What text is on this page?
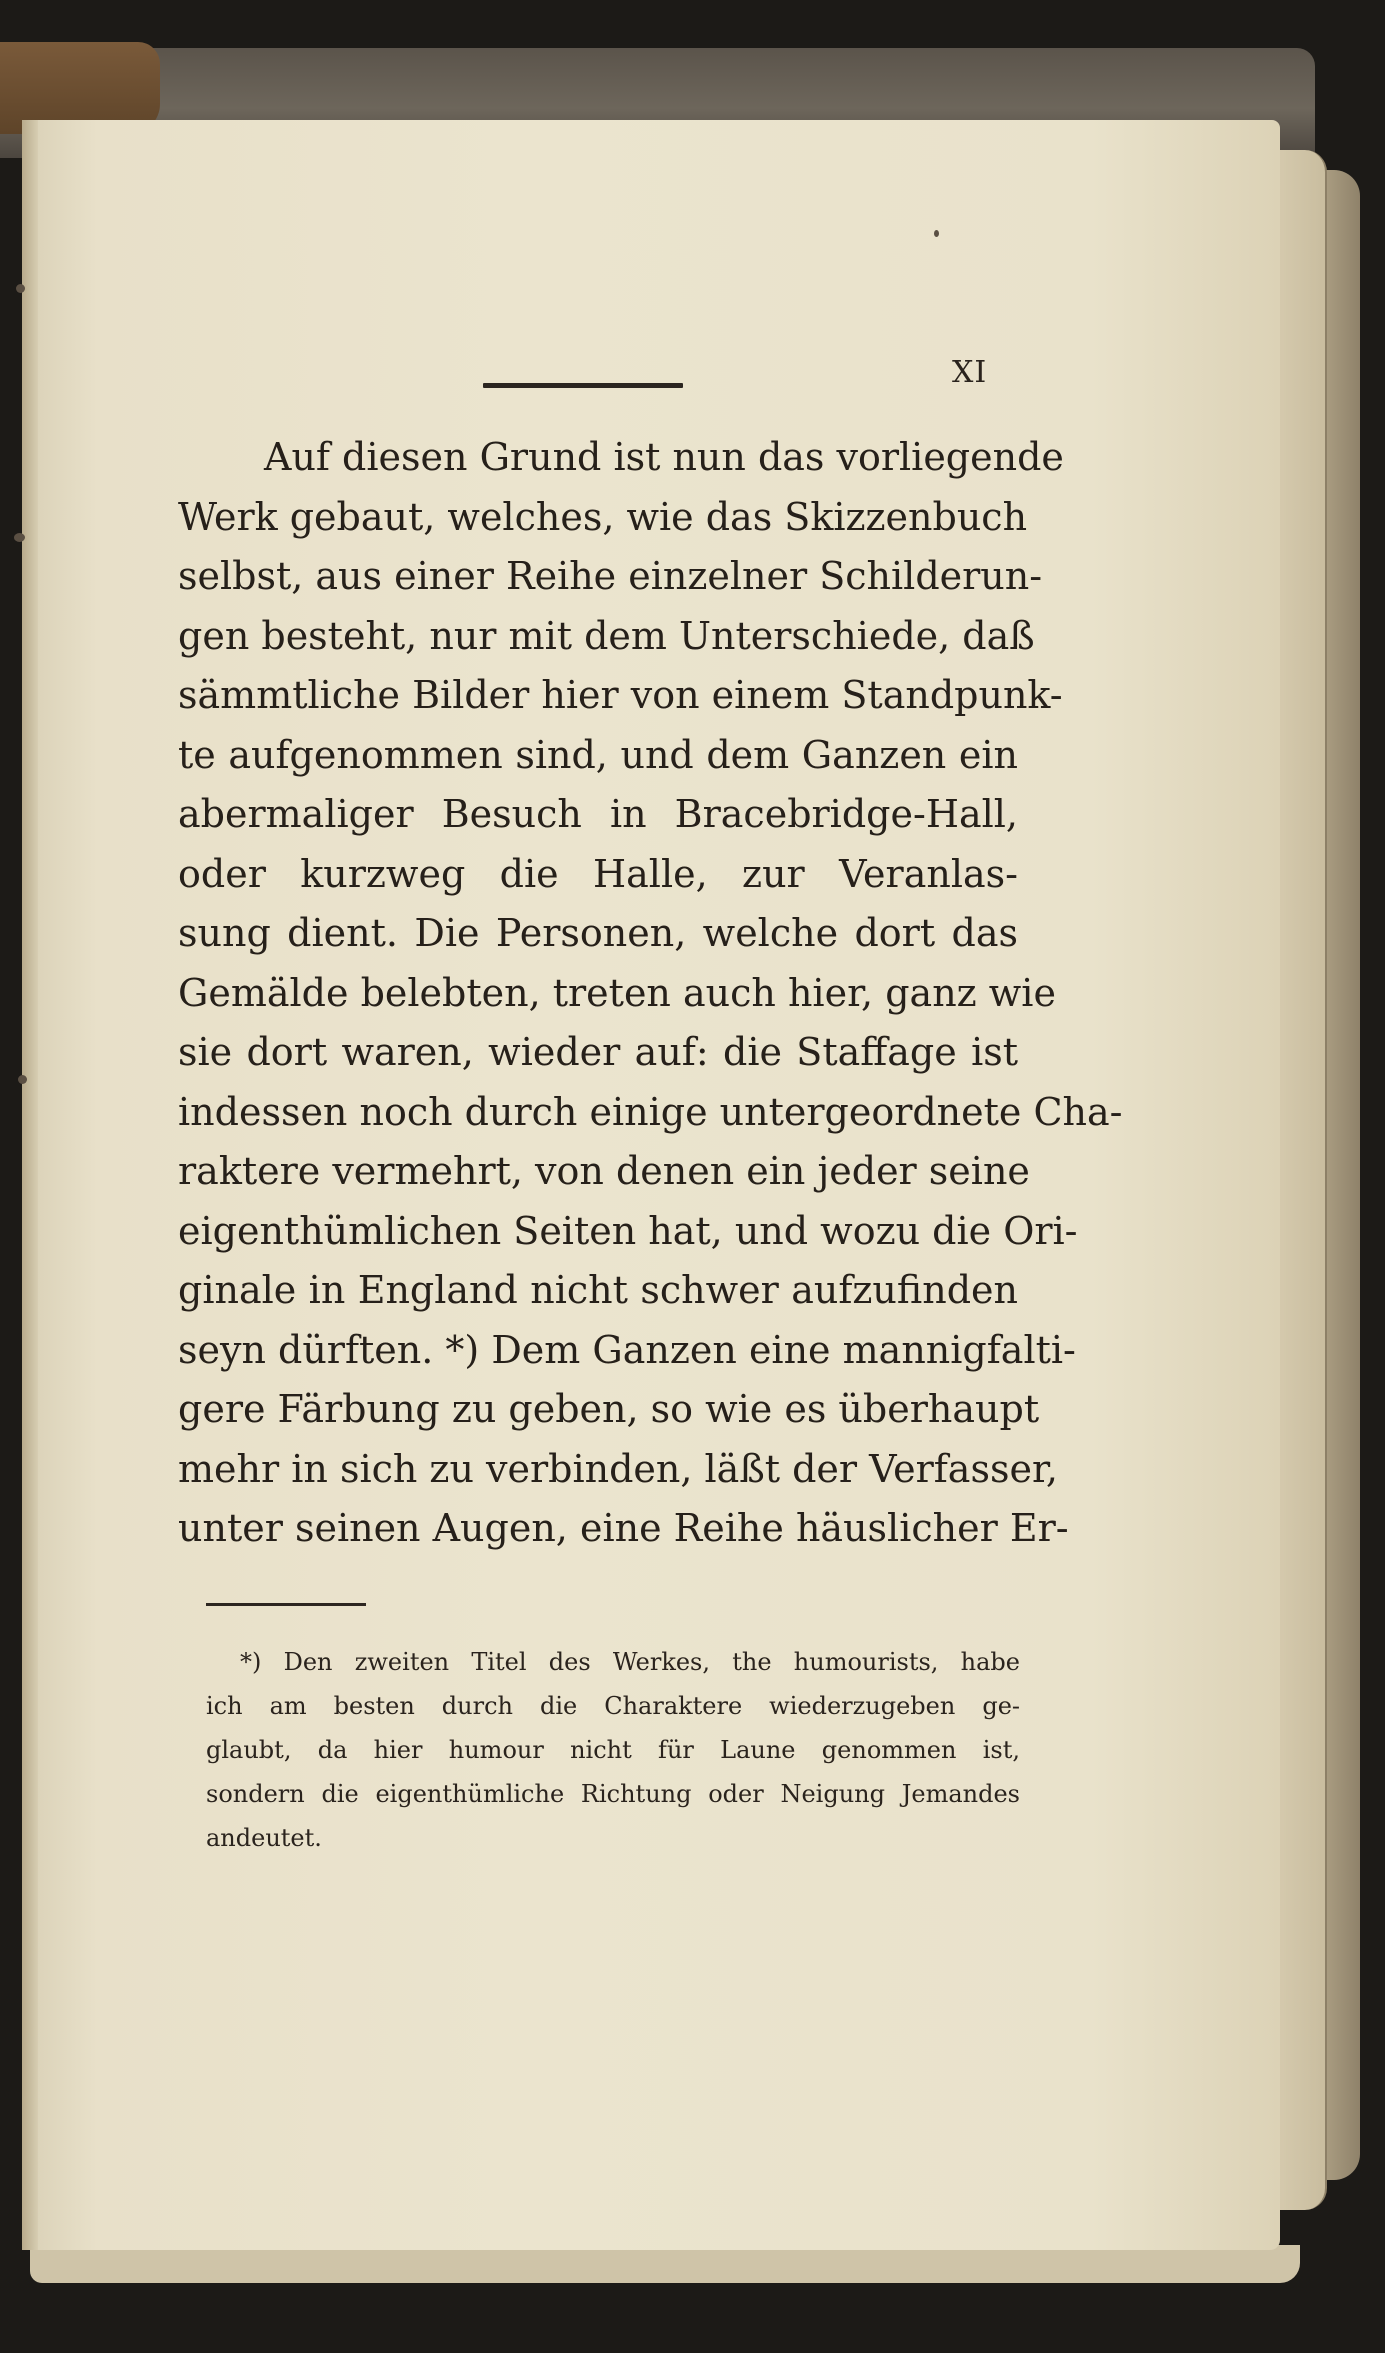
XI
Auf diesen Grund ist nun das vorliegende
Werk gebaut, welches, wie das Skizzenbuch
selbst, aus einer Reihe einzelner Schilderun-
gen besteht, nur mit dem Unterschiede, daß
sämmtliche Bilder hier von einem Standpunk-
te aufgenommen sind, und dem Ganzen ein
abermaliger Besuch in Bracebridge-Hall,
oder kurzweg die Halle, zur Veranlas-
sung dient. Die Personen, welche dort das
Gemälde belebten, treten auch hier, ganz wie
sie dort waren, wieder auf: die Staffage ist
indessen noch durch einige untergeordnete Cha-
raktere vermehrt, von denen ein jeder seine
eigenthümlichen Seiten hat, und wozu die Ori-
ginale in England nicht schwer aufzufinden
seyn dürften. *) Dem Ganzen eine mannigfalti-
gere Färbung zu geben, so wie es überhaupt
mehr in sich zu verbinden, läßt der Verfasser,
unter seinen Augen, eine Reihe häuslicher Er-
*) Den zweiten Titel des Werkes, the humourists, habe
ich am besten durch die Charaktere wiederzugeben ge-
glaubt, da hier humour nicht für Laune genommen ist,
sondern die eigenthümliche Richtung oder Neigung Jemandes
andeutet.
